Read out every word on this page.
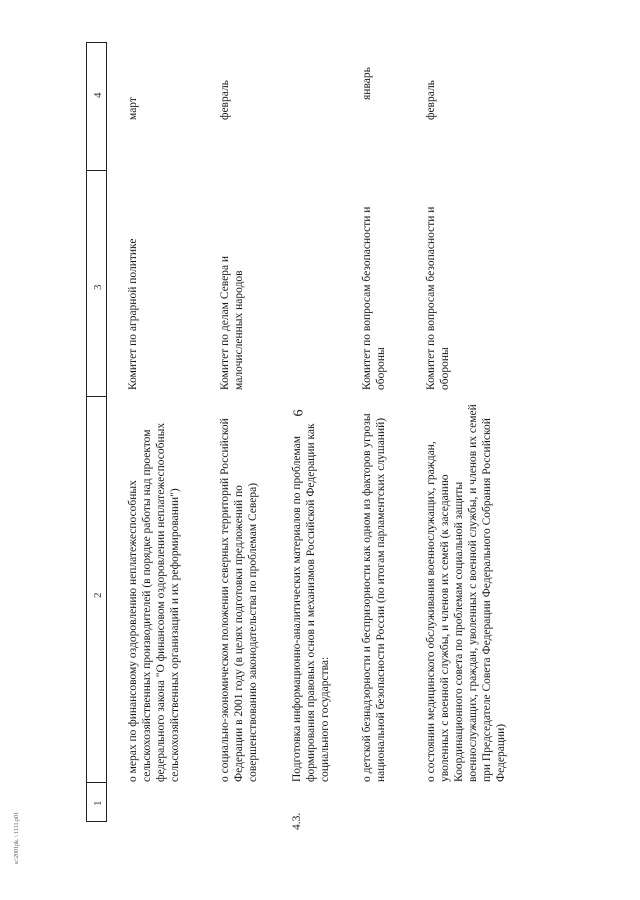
1
2
3
4
6
о мерах по финансовому оздоровлению неплатежеспособных сельскохозяйственных производителей (в порядке работы над проектом федерального закона "О финансовом оздоровлении неплатежеспособных сельскохозяйственных организаций и их реформировании")
Комитет по аграрной политике
март
о социально-экономическом положении северных территорий Российской Федерации в 2001 году (в целях подготовки предложений по совершенствованию законодательства по проблемам Севера)
Комитет по делам Севера и малочисленных народов
февраль
4.3.
Подготовка информационно-аналитических материалов по проблемам формирования правовых основ и механизмов Российской Федерации как социального государства:	о детской безнадзорности и беспризорности как одном из факторов угрозы национальной безопасности России (по итогам парламентских слушаний)
Комитет по вопросам безопасности и обороны
январь
о состоянии медицинского обслуживания военнослужащих, граждан, уволенных с военной службы, и членов их семей (к заседанию Координационного совета по проблемам социальной защиты военнослужащих, граждан, уволенных с военной службы, и членов их семей при Председателе Совета Федерации Федерального Собрания Российской Федерации)
Комитет по вопросам безопасности и обороны
февраль
a:\2001pk. \ 1111.p01
